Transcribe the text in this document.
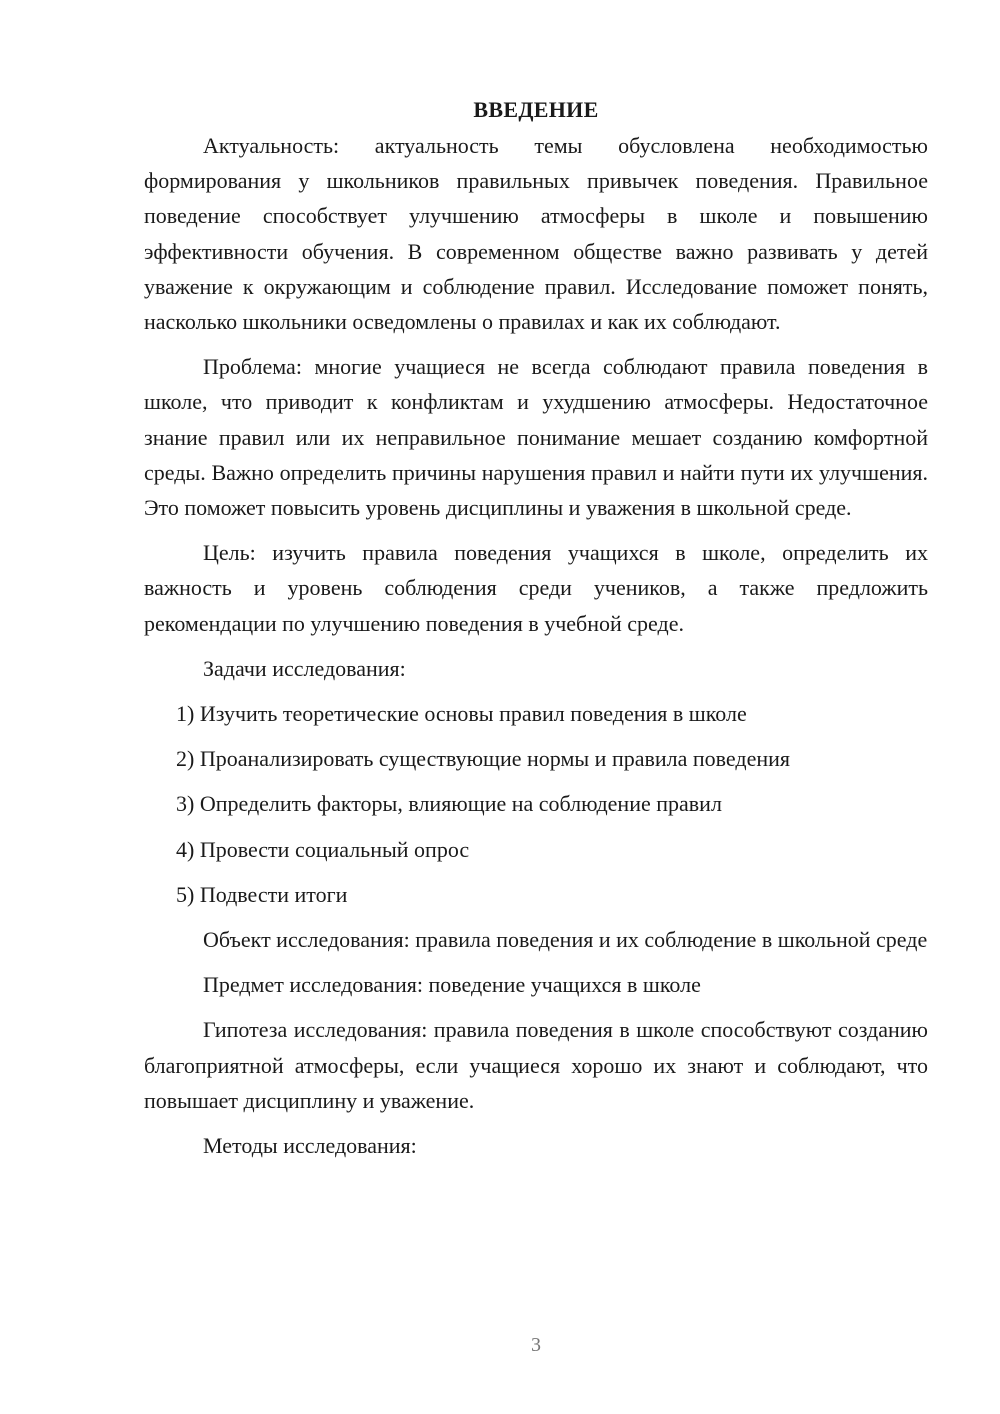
ВВЕДЕНИЕ

Актуальность: актуальность темы обусловлена необходимостью формирования у школьников правильных привычек поведения. Правильное поведение способствует улучшению атмосферы в школе и повышению эффективности обучения. В современном обществе важно развивать у детей уважение к окружающим и соблюдение правил. Исследование поможет понять, насколько школьники осведомлены о правилах и как их соблюдают.

Проблема: многие учащиеся не всегда соблюдают правила поведения в школе, что приводит к конфликтам и ухудшению атмосферы. Недостаточное знание правил или их неправильное понимание мешает созданию комфортной среды. Важно определить причины нарушения правил и найти пути их улучшения. Это поможет повысить уровень дисциплины и уважения в школьной среде.

Цель: изучить правила поведения учащихся в школе, определить их важность и уровень соблюдения среди учеников, а также предложить рекомендации по улучшению поведения в учебной среде.

Задачи исследования:

1) Изучить теоретические основы правил поведения в школе
2) Проанализировать существующие нормы и правила поведения
3) Определить факторы, влияющие на соблюдение правил
4) Провести социальный опрос
5) Подвести итоги

Объект исследования: правила поведения и их соблюдение в школьной среде

Предмет исследования: поведение учащихся в школе

Гипотеза исследования: правила поведения в школе способствуют созданию благоприятной атмосферы, если учащиеся хорошо их знают и соблюдают, что повышает дисциплину и уважение.

Методы исследования:

3
